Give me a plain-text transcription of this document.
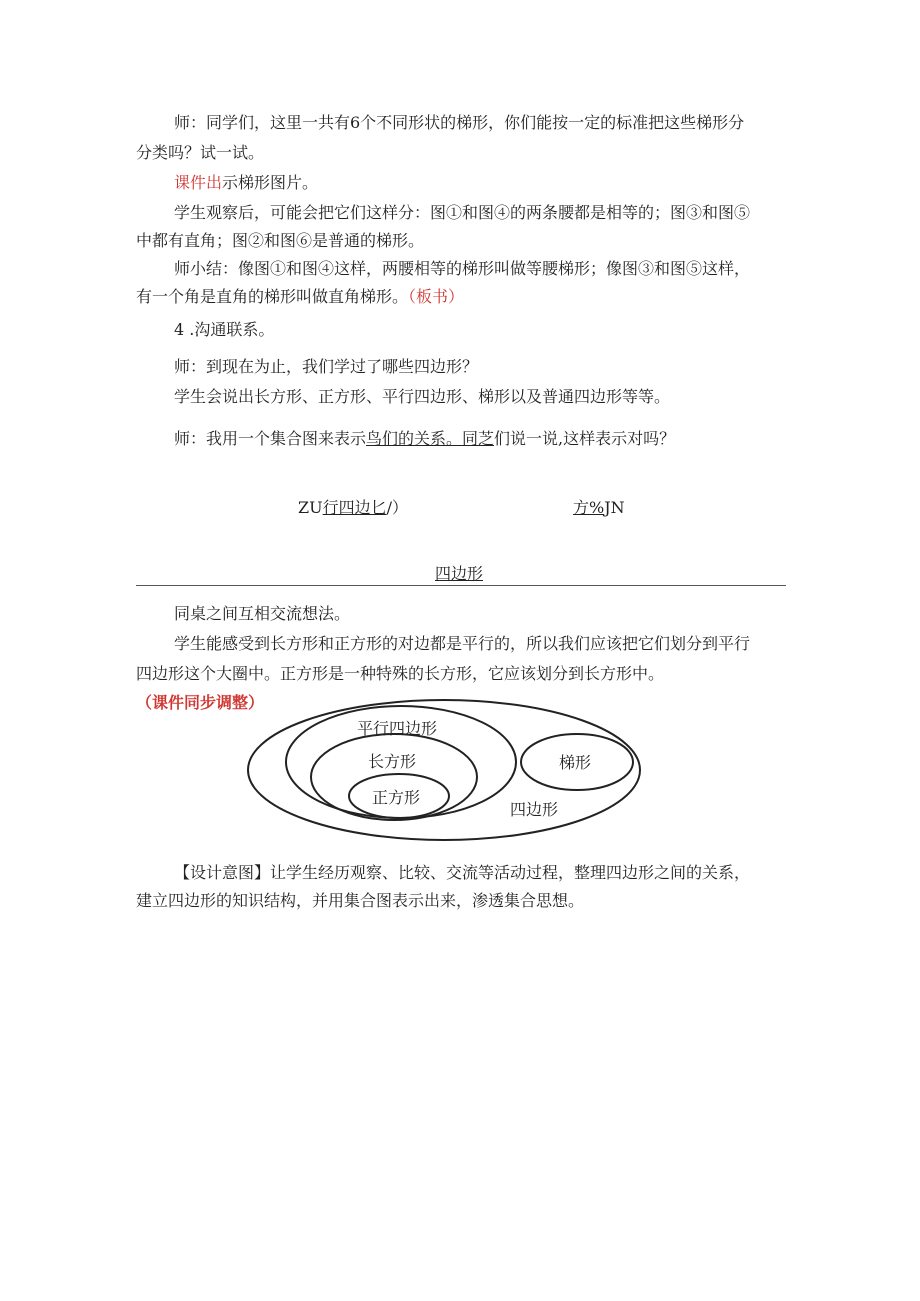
师：同学们，这里一共有6个不同形状的梯形，你们能按一定的标准把这些梯形分
分类吗？试一试。
课件出示梯形图片。
学生观察后，可能会把它们这样分：图①和图④的两条腰都是相等的；图③和图⑤
中都有直角；图②和图⑥是普通的梯形。
师小结：像图①和图④这样，两腰相等的梯形叫做等腰梯形；像图③和图⑤这样，
有一个角是直角的梯形叫做直角梯形。（板书）
4 .沟通联系。
师：到现在为止，我们学过了哪些四边形？
学生会说出长方形、正方形、平行四边形、梯形以及普通四边形等等。
师：我用一个集合图来表示鸟们的关系。同芝们说一说,这样表示对吗？
ZU行四边匕/）	方%JN
四边形
同桌之间互相交流想法。
学生能感受到长方形和正方形的对边都是平行的，所以我们应该把它们划分到平行
四边形这个大圈中。正方形是一种特殊的长方形，它应该划分到长方形中。
（课件同步调整）
平行四边形
长方形
正方形
梯形
四边形
【设计意图】让学生经历观察、比较、交流等活动过程，整理四边形之间的关系，
建立四边形的知识结构，并用集合图表示出来，渗透集合思想。
